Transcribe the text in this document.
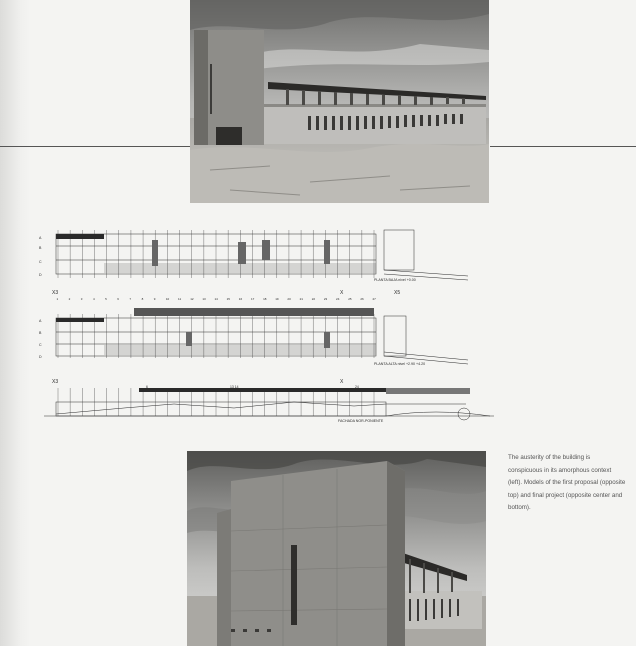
PLANTA BAJA nivel +0.00
PLANTA ALTA nivel +2.90 +4.20
FACHADA NOR-PONIENTE
X3	X	X5
X3	X
6	13 14	24
A
B
C
D
A
B
C
D
1	2	3	4	5	6	7	8	9	10	11	12	13	14	15	16	17	18	19	20	21	22	23	24	25	26	27

The austerity of the building is conspicuous in its amorphous context (left). Models of the first proposal (opposite top) and final project (opposite center and bottom).
